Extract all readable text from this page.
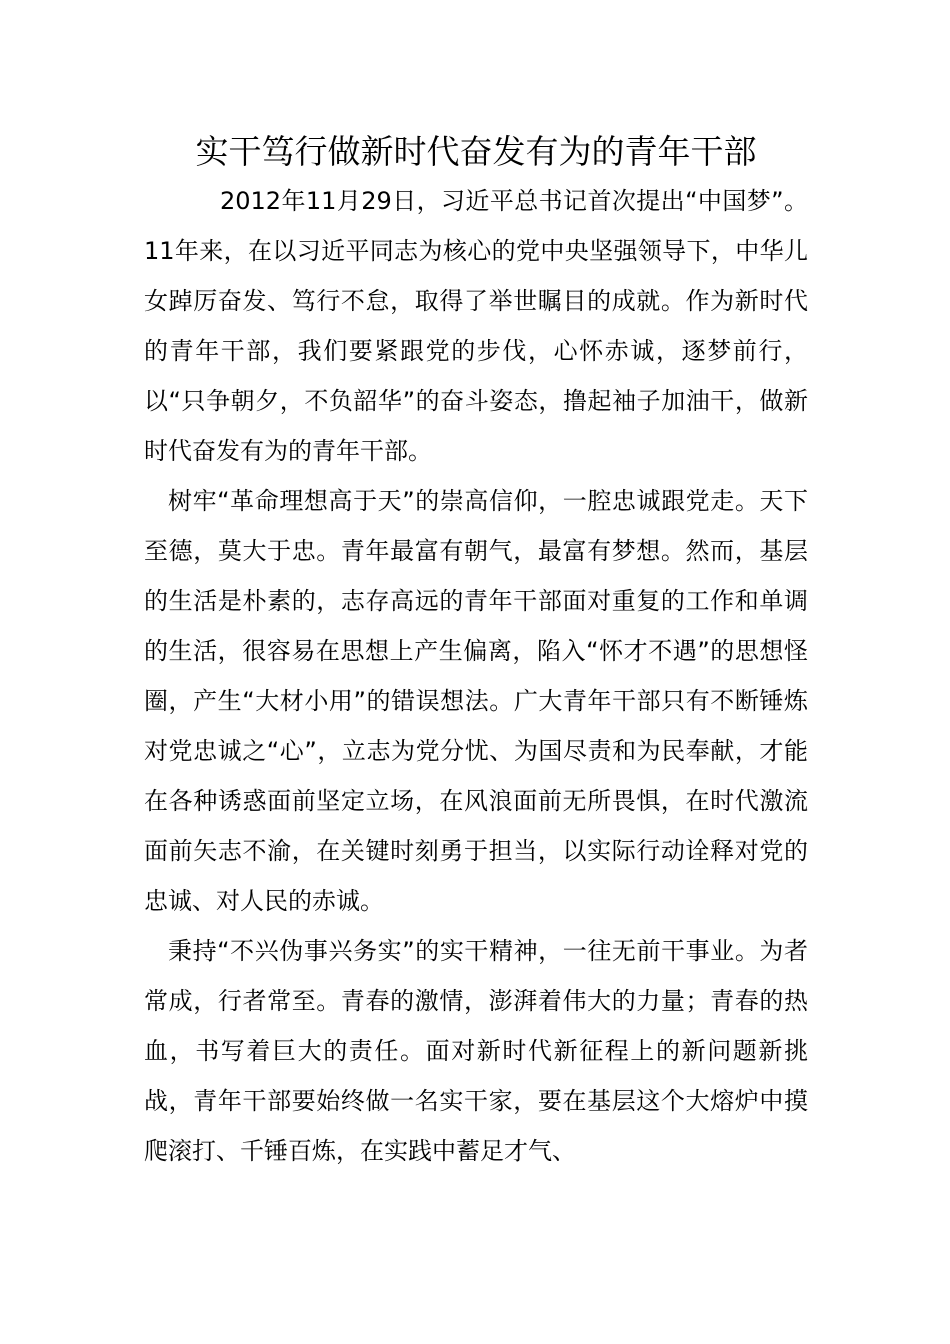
实干笃行做新时代奋发有为的青年干部

2012年11月29日，习近平总书记首次提出“中国梦”。11年来，在以习近平同志为核心的党中央坚强领导下，中华儿女踔厉奋发、笃行不怠，取得了举世瞩目的成就。作为新时代的青年干部，我们要紧跟党的步伐，心怀赤诚，逐梦前行，以“只争朝夕，不负韶华”的奋斗姿态，撸起袖子加油干，做新时代奋发有为的青年干部。

树牢“革命理想高于天”的崇高信仰，一腔忠诚跟党走。天下至德，莫大于忠。青年最富有朝气，最富有梦想。然而，基层的生活是朴素的，志存高远的青年干部面对重复的工作和单调的生活，很容易在思想上产生偏离，陷入“怀才不遇”的思想怪圈，产生“大材小用”的错误想法。广大青年干部只有不断锤炼对党忠诚之“心”，立志为党分忧、为国尽责和为民奉献，才能在各种诱惑面前坚定立场，在风浪面前无所畏惧，在时代激流面前矢志不渝，在关键时刻勇于担当，以实际行动诠释对党的忠诚、对人民的赤诚。

秉持“不兴伪事兴务实”的实干精神，一往无前干事业。为者常成，行者常至。青春的激情，澎湃着伟大的力量；青春的热血，书写着巨大的责任。面对新时代新征程上的新问题新挑战，青年干部要始终做一名实干家，要在基层这个大熔炉中摸爬滚打、千锤百炼，在实践中蓄足才气、
